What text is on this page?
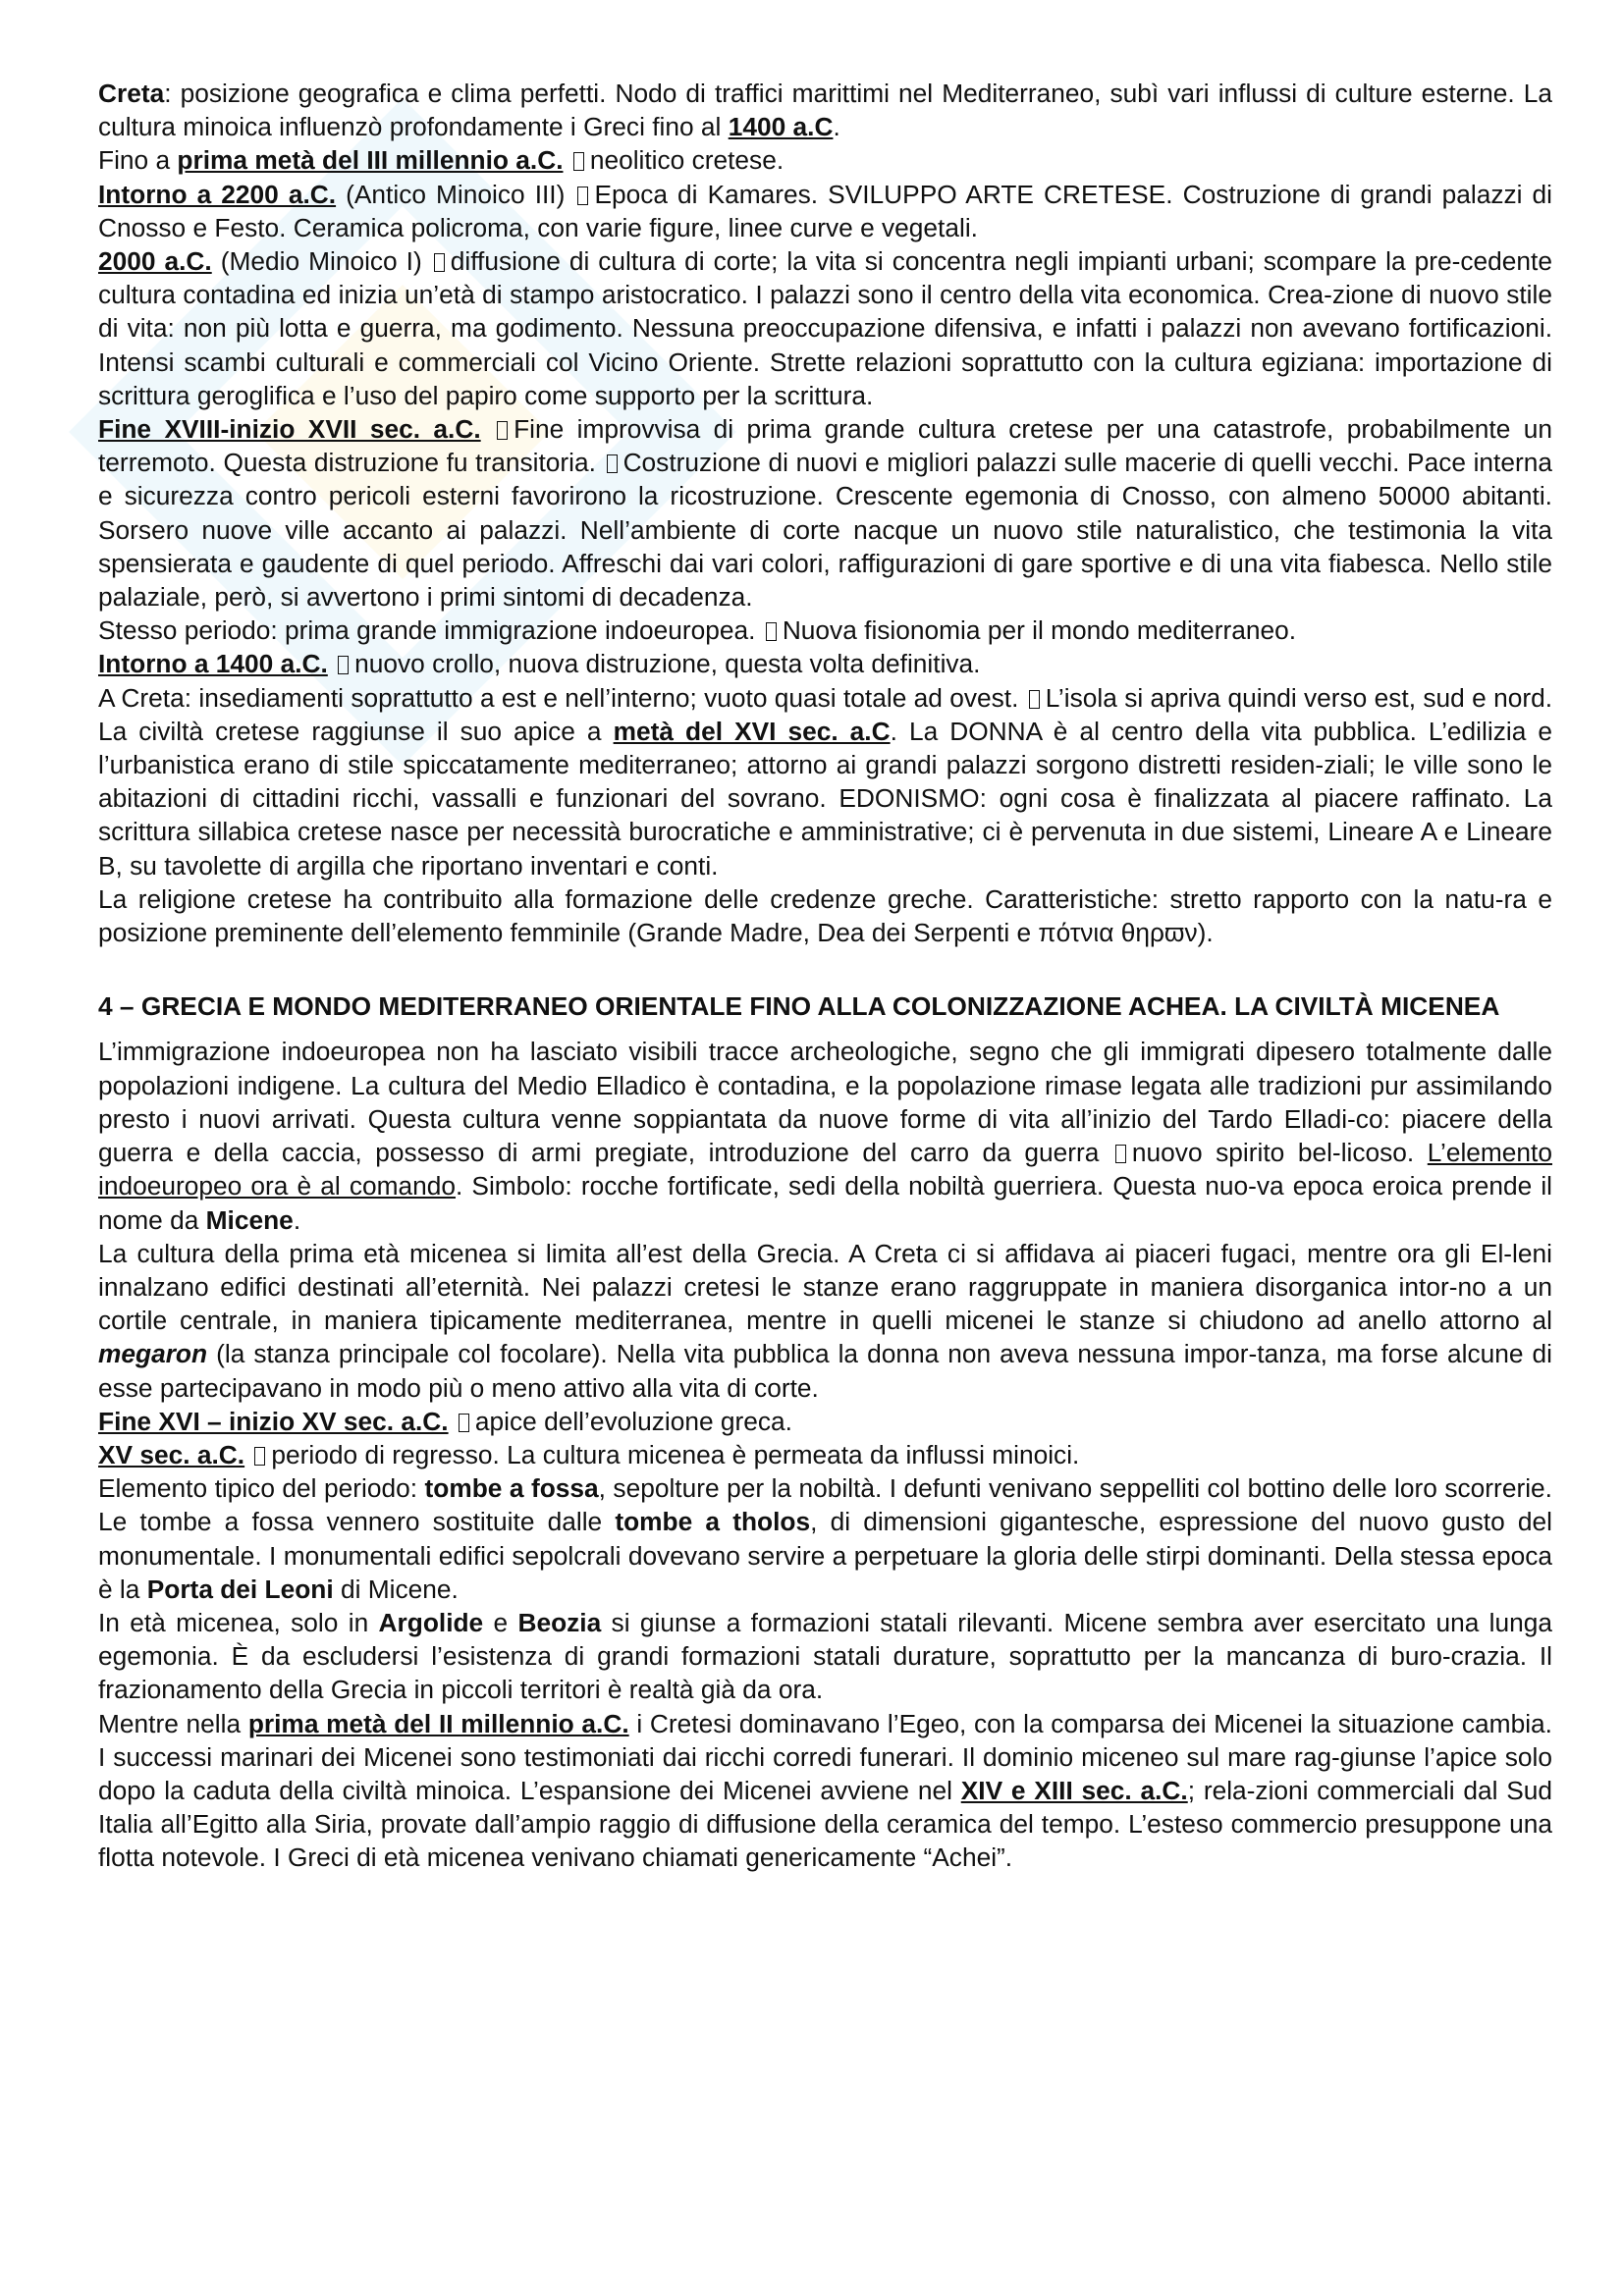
Creta: posizione geografica e clima perfetti. Nodo di traffici marittimi nel Mediterraneo, subì vari influssi di culture esterne. La cultura minoica influenzò profondamente i Greci fino al 1400 a.C.

Fino a prima metà del III millennio a.C. neolitico cretese.

Intorno a 2200 a.C. (Antico Minoico III) Epoca di Kamares. SVILUPPO ARTE CRETESE. Costruzione di grandi palazzi di Cnosso e Festo. Ceramica policroma, con varie figure, linee curve e vegetali.

2000 a.C. (Medio Minoico I) diffusione di cultura di corte; la vita si concentra negli impianti urbani; scompare la pre-cedente cultura contadina ed inizia un’età di stampo aristocratico. I palazzi sono il centro della vita economica. Crea-zione di nuovo stile di vita: non più lotta e guerra, ma godimento. Nessuna preoccupazione difensiva, e infatti i palazzi non avevano fortificazioni. Intensi scambi culturali e commerciali col Vicino Oriente. Strette relazioni soprattutto con la cultura egiziana: importazione di scrittura geroglifica e l’uso del papiro come supporto per la scrittura.

Fine XVIII-inizio XVII sec. a.C. Fine improvvisa di prima grande cultura cretese per una catastrofe, probabilmente un terremoto. Questa distruzione fu transitoria. Costruzione di nuovi e migliori palazzi sulle macerie di quelli vecchi. Pace interna e sicurezza contro pericoli esterni favorirono la ricostruzione. Crescente egemonia di Cnosso, con almeno 50000 abitanti. Sorsero nuove ville accanto ai palazzi. Nell’ambiente di corte nacque un nuovo stile naturalistico, che testimonia la vita spensierata e gaudente di quel periodo. Affreschi dai vari colori, raffigurazioni di gare sportive e di una vita fiabesca. Nello stile palaziale, però, si avvertono i primi sintomi di decadenza.

Stesso periodo: prima grande immigrazione indoeuropea. Nuova fisionomia per il mondo mediterraneo.

Intorno a 1400 a.C. nuovo crollo, nuova distruzione, questa volta definitiva.

A Creta: insediamenti soprattutto a est e nell’interno; vuoto quasi totale ad ovest. L’isola si apriva quindi verso est, sud e nord. La civiltà cretese raggiunse il suo apice a metà del XVI sec. a.C. La DONNA è al centro della vita pubblica. L’edilizia e l’urbanistica erano di stile spiccatamente mediterraneo; attorno ai grandi palazzi sorgono distretti residen-ziali; le ville sono le abitazioni di cittadini ricchi, vassalli e funzionari del sovrano. EDONISMO: ogni cosa è finalizzata al piacere raffinato. La scrittura sillabica cretese nasce per necessità burocratiche e amministrative; ci è pervenuta in due sistemi, Lineare A e Lineare B, su tavolette di argilla che riportano inventari e conti.

La religione cretese ha contribuito alla formazione delle credenze greche. Caratteristiche: stretto rapporto con la natu-ra e posizione preminente dell’elemento femminile (Grande Madre, Dea dei Serpenti e πότνια θηρϖν).

4 – GRECIA E MONDO MEDITERRANEO ORIENTALE FINO ALLA COLONIZZAZIONE ACHEA. LA CIVILTÀ MICENEA

L’immigrazione indoeuropea non ha lasciato visibili tracce archeologiche, segno che gli immigrati dipesero totalmente dalle popolazioni indigene. La cultura del Medio Elladico è contadina, e la popolazione rimase legata alle tradizioni pur assimilando presto i nuovi arrivati. Questa cultura venne soppiantata da nuove forme di vita all’inizio del Tardo Elladi-co: piacere della guerra e della caccia, possesso di armi pregiate, introduzione del carro da guerra nuovo spirito bel-licoso. L’elemento indoeuropeo ora è al comando. Simbolo: rocche fortificate, sedi della nobiltà guerriera. Questa nuo-va epoca eroica prende il nome da Micene.

La cultura della prima età micenea si limita all’est della Grecia. A Creta ci si affidava ai piaceri fugaci, mentre ora gli El-leni innalzano edifici destinati all’eternità. Nei palazzi cretesi le stanze erano raggruppate in maniera disorganica intor-no a un cortile centrale, in maniera tipicamente mediterranea, mentre in quelli micenei le stanze si chiudono ad anello attorno al megaron (la stanza principale col focolare). Nella vita pubblica la donna non aveva nessuna impor-tanza, ma forse alcune di esse partecipavano in modo più o meno attivo alla vita di corte.

Fine XVI – inizio XV sec. a.C. apice dell’evoluzione greca.

XV sec. a.C. periodo di regresso. La cultura micenea è permeata da influssi minoici.

Elemento tipico del periodo: tombe a fossa, sepolture per la nobiltà. I defunti venivano seppelliti col bottino delle loro scorrerie. Le tombe a fossa vennero sostituite dalle tombe a tholos, di dimensioni gigantesche, espressione del nuovo gusto del monumentale. I monumentali edifici sepolcrali dovevano servire a perpetuare la gloria delle stirpi dominanti. Della stessa epoca è la Porta dei Leoni di Micene.

In età micenea, solo in Argolide e Beozia si giunse a formazioni statali rilevanti. Micene sembra aver esercitato una lunga egemonia. È da escludersi l’esistenza di grandi formazioni statali durature, soprattutto per la mancanza di buro-crazia. Il frazionamento della Grecia in piccoli territori è realtà già da ora.

Mentre nella prima metà del II millennio a.C. i Cretesi dominavano l’Egeo, con la comparsa dei Micenei la situazione cambia. I successi marinari dei Micenei sono testimoniati dai ricchi corredi funerari. Il dominio miceneo sul mare rag-giunse l’apice solo dopo la caduta della civiltà minoica. L’espansione dei Micenei avviene nel XIV e XIII sec. a.C.; rela-zioni commerciali dal Sud Italia all’Egitto alla Siria, provate dall’ampio raggio di diffusione della ceramica del tempo. L’esteso commercio presuppone una flotta notevole. I Greci di età micenea venivano chiamati genericamente “Achei”.
